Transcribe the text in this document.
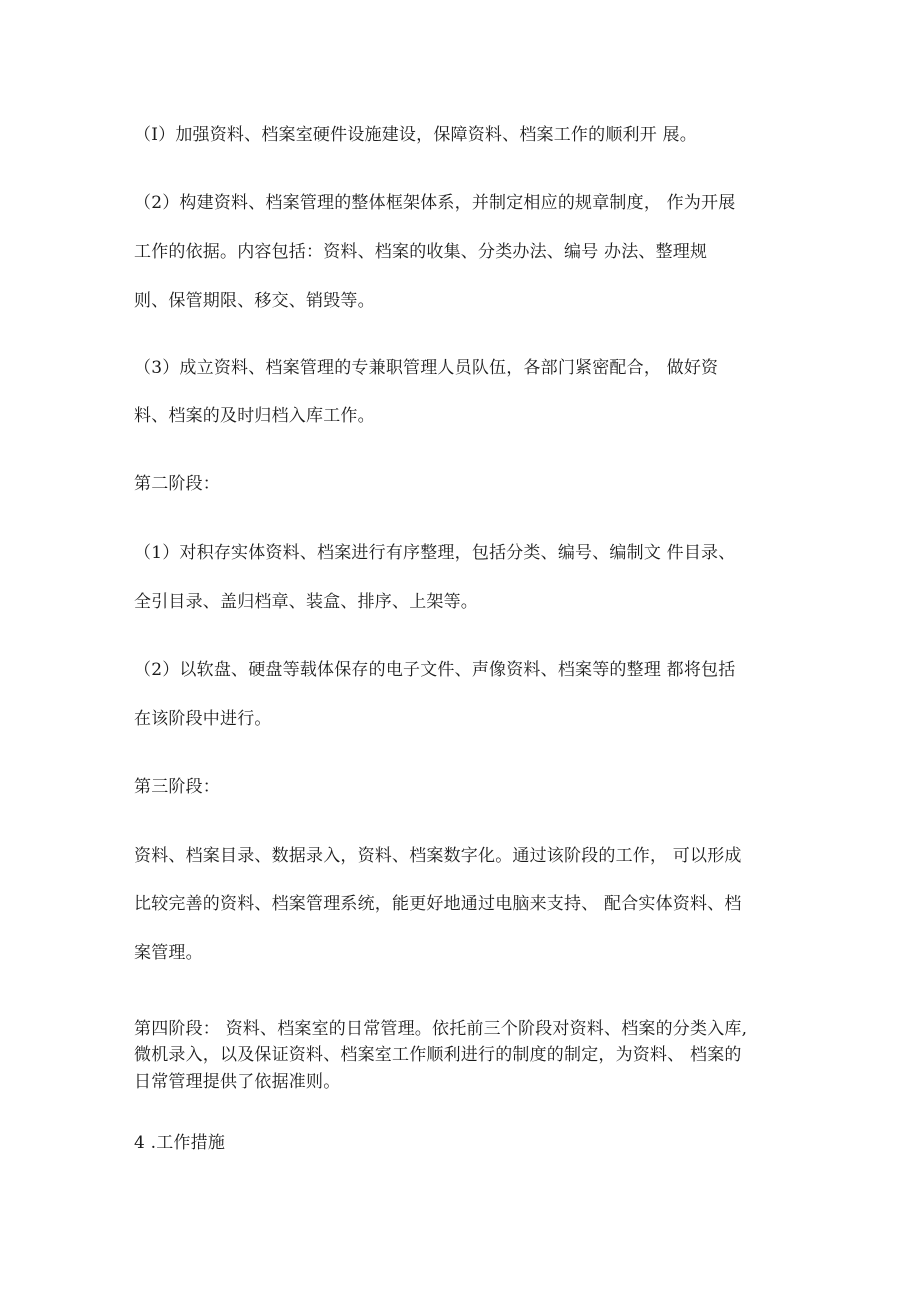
（I）加强资料、档案室硬件设施建设，保障资料、档案工作的顺利开 展。
（2）构建资料、档案管理的整体框架体系，并制定相应的规章制度， 作为开展
工作的依据。内容包括：资料、档案的收集、分类办法、编号 办法、整理规
则、保管期限、移交、销毁等。
（3）成立资料、档案管理的专兼职管理人员队伍，各部门紧密配合， 做好资
料、档案的及时归档入库工作。
第二阶段：
（1）对积存实体资料、档案进行有序整理，包括分类、编号、编制文 件目录、
全引目录、盖归档章、装盒、排序、上架等。
（2）以软盘、硬盘等载体保存的电子文件、声像资料、档案等的整理 都将包括
在该阶段中进行。
第三阶段：
资料、档案目录、数据录入，资料、档案数字化。通过该阶段的工作， 可以形成
比较完善的资料、档案管理系统，能更好地通过电脑来支持、 配合实体资料、档
案管理。
第四阶段： 资料、档案室的日常管理。依托前三个阶段对资料、档案的分类入库,
微机录入，以及保证资料、档案室工作顺利进行的制度的制定，为资料、 档案的
日常管理提供了依据准则。
4 .工作措施
